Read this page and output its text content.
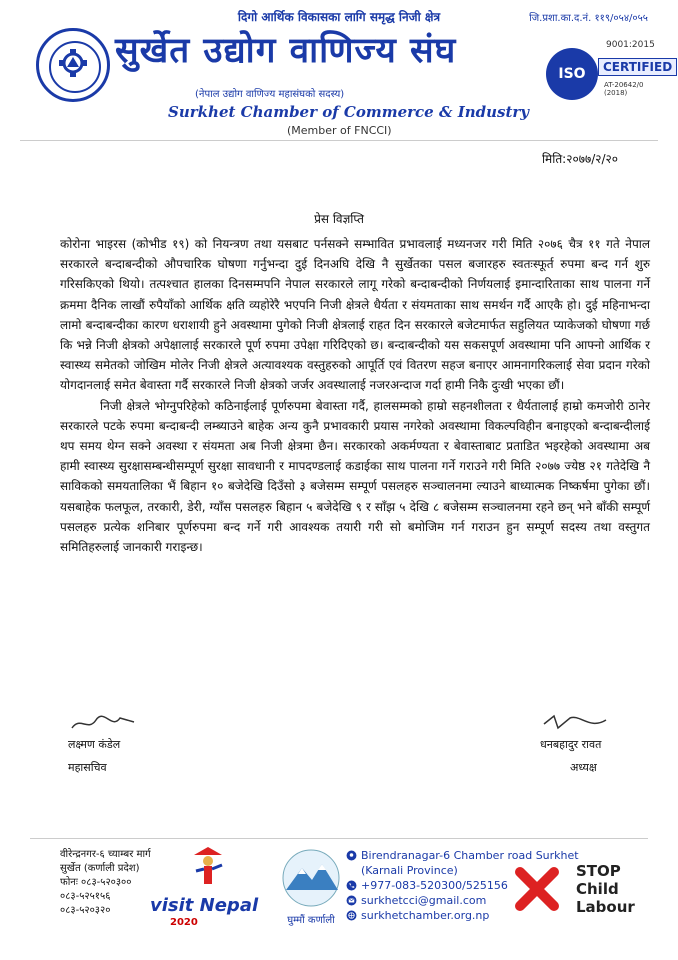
दिगो आर्थिक विकासका लागि समृद्ध निजी क्षेत्र	जि.प्रशा.का.द.नं. ११९/०५४/०५५
सुर्खेत उद्योग वाणिज्य संघ
(नेपाल उद्योग वाणिज्य महासंघको सदस्य)
Surkhet Chamber of Commerce & Industry
(Member of FNCCI)
9001:2015
ISO	CERTIFIED
AT-20642/0 (2018)
मिति:२०७७/२/२०
प्रेस विज्ञप्ति

कोरोना भाइरस (कोभीड १९) को नियन्त्रण तथा यसबाट पर्नसक्ने सम्भावित प्रभावलाई मध्यनजर गरी मिति २०७६ चैत्र ११ गते नेपाल सरकारले बन्दाबन्दीको औपचारिक घोषणा गर्नुभन्दा दुई दिनअघि देखि नै सुर्खेतका पसल बजारहरु स्वतःस्फूर्त रुपमा बन्द गर्न शुरु गरिसकिएको थियो। तत्पश्चात हालका दिनसम्मपनि नेपाल सरकारले लागू गरेको बन्दाबन्दीको निर्णयलाई इमान्दारिताका साथ पालना गर्ने क्रममा दैनिक लाखौं रुपैयाँको आर्थिक क्षति व्यहोरेरै भएपनि निजी क्षेत्रले धैर्यता र संयमताका साथ समर्थन गर्दै आएकै हो। दुई महिनाभन्दा लामो बन्दाबन्दीका कारण धराशायी हुने अवस्थामा पुगेको निजी क्षेत्रलाई राहत दिन सरकारले बजेटमार्फत सहुलियत प्याकेजको घोषणा गर्छ कि भन्ने निजी क्षेत्रको अपेक्षालाई सरकारले पूर्ण रुपमा उपेक्षा गरिदिएको छ। बन्दाबन्दीको यस सकसपूर्ण अवस्थामा पनि आफ्नो आर्थिक र स्वास्थ्य समेतको जोखिम मोलेर निजी क्षेत्रले अत्यावश्यक वस्तुहरुको आपूर्ति एवं वितरण सहज बनाएर आमनागरिकलाई सेवा प्रदान गरेको योगदानलाई समेत बेवास्ता गर्दै सरकारले निजी क्षेत्रको जर्जर अवस्थालाई नजरअन्दाज गर्दा हामी निकै दुःखी भएका छौं।

निजी क्षेत्रले भोग्नुपरिहेको कठिनाईलाई पूर्णरुपमा बेवास्ता गर्दै, हालसम्मको हाम्रो सहनशीलता र धैर्यतालाई हाम्रो कमजोरी ठानेर सरकारले पटके रुपमा बन्दाबन्दी लम्ब्याउने बाहेक अन्य कुनै प्रभावकारी प्रयास नगरेको अवस्थामा विकल्पविहीन बनाइएको बन्दाबन्दीलाई थप समय थेग्न सक्ने अवस्था र संयमता अब निजी क्षेत्रमा छैन। सरकारको अकर्मण्यता र बेवास्ताबाट प्रताडित भइरहेको अवस्थामा अब हामी स्वास्थ्य सुरक्षासम्बन्धीसम्पूर्ण सुरक्षा सावधानी र मापदण्डलाई कडाईका साथ पालना गर्ने गराउने गरी मिति २०७७ ज्येष्ठ २१ गतेदेखि नै साविकको समयतालिका भैं बिहान १० बजेदेखि दिउँसो ३ बजेसम्म सम्पूर्ण पसलहरु सञ्चालनमा ल्याउने बाध्यात्मक निष्कर्षमा पुगेका छौं। यसबाहेक फलफूल, तरकारी, डेरी, ग्याँस पसलहरु बिहान ५ बजेदेखि ९ र साँझ ५ देखि ८ बजेसम्म सञ्चालनमा रहने छन् भने बाँकी सम्पूर्ण पसलहरु प्रत्येक शनिबार पूर्णरुपमा बन्द गर्ने गरी आवश्यक तयारी गरी सो बमोजिम गर्न गराउन हुन सम्पूर्ण सदस्य तथा वस्तुगत समितिहरुलाई जानकारी गराइन्छ।

लक्ष्मण कंडेल
महासचिव
धनबहादुर रावत
अध्यक्ष
वीरेन्द्रनगर-६ च्याम्बर मार्ग
सुर्खेत (कर्णाली प्रदेश)
फोनः ०८३-५२०३००
०८३-५२५१५६
०८३-५२०३२०	visit Nepal
2020	घुम्मौं कर्णाली
Birendranagar-6 Chamber road Surkhet
(Karnali Province)
+977-083-520300/525156
surkhetcci@gmail.com
surkhetchamber.org.np
STOP
Child
Labour
